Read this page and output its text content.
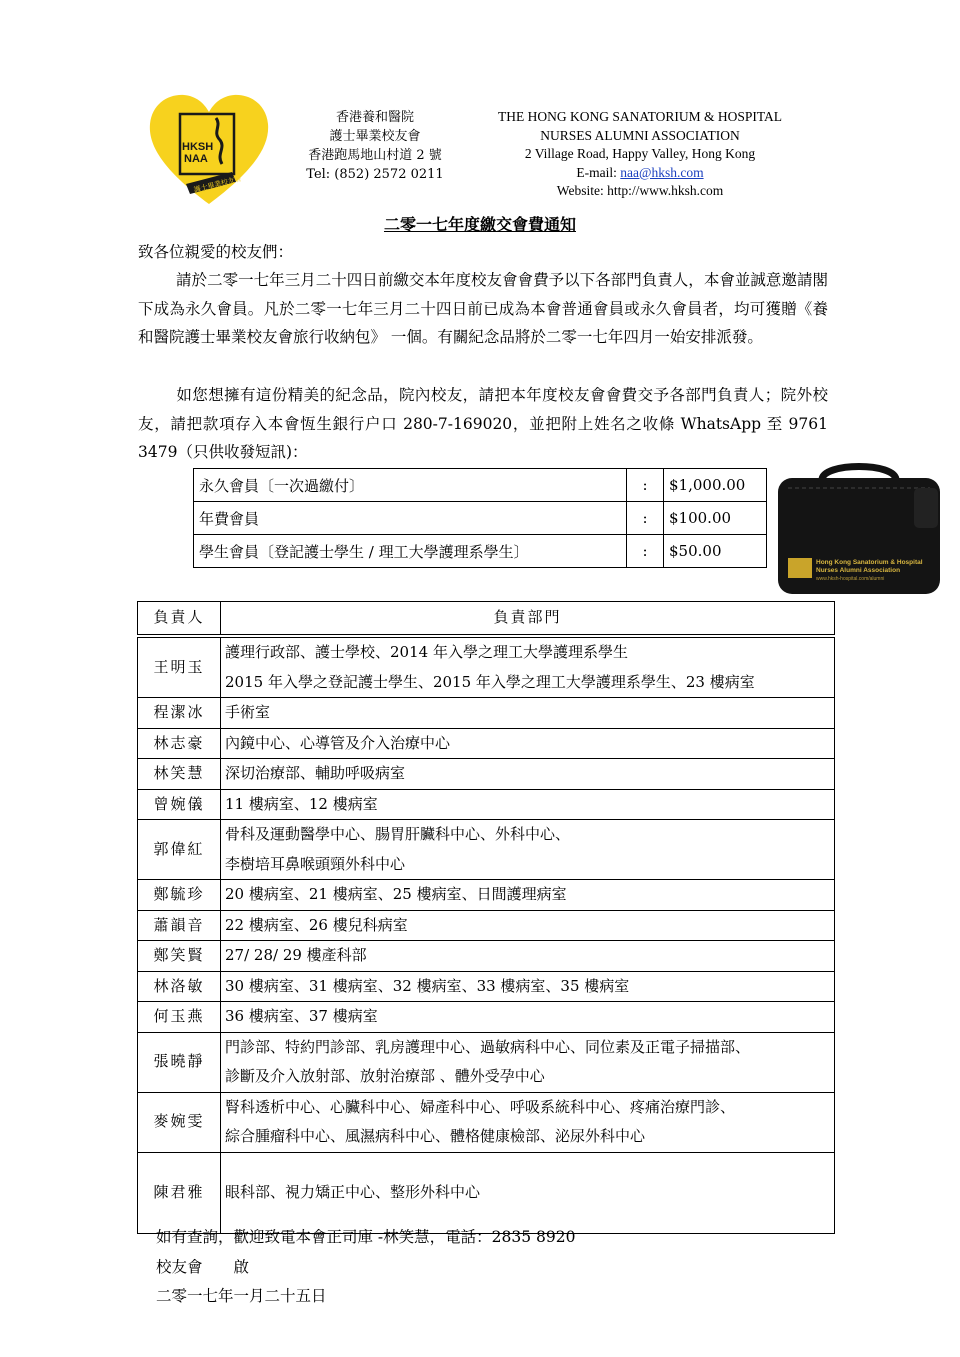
HKSH
NAA
護士畢業校友會
香港養和醫院
護士畢業校友會
香港跑馬地山村道 2 號
Tel: (852) 2572 0211
THE HONG KONG SANATORIUM & HOSPITAL
NURSES ALUMNI ASSOCIATION
2 Village Road, Happy Valley, Hong Kong
E-mail: naa@hksh.com
Website: http://www.hksh.com
二零一七年度繳交會費通知
致各位親愛的校友們：
請於二零一七年三月二十四日前繳交本年度校友會會費予以下各部門負責人，本會並誠意邀請閣下成為永久會員。凡於二零一七年三月二十四日前已成為本會普通會員或永久會員者，均可獲贈《養和醫院護士畢業校友會旅行收納包》 一個。有關紀念品將於二零一七年四月一始安排派發。
如您想擁有這份精美的紀念品，院內校友，請把本年度校友會會費交予各部門負責人；院外校友，請把款項存入本會恆生銀行户口 280-7-169020，並把附上姓名之收條 WhatsApp 至 9761 3479（只供收發短訊)：
永久會員〔一次過繳付〕	:	$1,000.00
年費會員	:	$100.00
學生會員〔登記護士學生 / 理工大學護理系學生〕	:	$50.00
Hong Kong Sanatorium & Hospital
Nurses Alumni Association
www.hksh-hospital.com/alumni
負責人	負責部門
王明玉	護理行政部、護士學校、2014 年入學之理工大學護理系學生
2015 年入學之登記護士學生、2015 年入學之理工大學護理系學生、23 樓病室

程潔冰	手術室

林志豪	內鏡中心、心導管及介入治療中心

林笑慧	深切治療部、輔助呼吸病室

曾婉儀	11 樓病室、12 樓病室

郭偉紅	骨科及運動醫學中心、腸胃肝臟科中心、外科中心、
李樹培耳鼻喉頭頸外科中心

鄭毓珍	20 樓病室、21 樓病室、25 樓病室、日間護理病室

蕭韻音	22 樓病室、26 樓兒科病室

鄭笑賢	27/ 28/ 29 樓產科部

林洛敏	30 樓病室、31 樓病室、32 樓病室、33 樓病室、35 樓病室

何玉燕	36 樓病室、37 樓病室

張曉靜	門診部、特約門診部、乳房護理中心、過敏病科中心、同位素及正電子掃描部、
診斷及介入放射部、放射治療部 、體外受孕中心

麥婉雯	腎科透析中心、心臟科中心、婦產科中心、呼吸系統科中心、疼痛治療門診、
綜合腫瘤科中心、風濕病科中心、體格健康檢部、泌尿外科中心

陳君雅	眼科部、視力矯正中心、整形外科中心
如有查詢，歡迎致電本會正司庫 -林笑慧，電話：2835 8920
校友會　　啟
二零一七年一月二十五日
